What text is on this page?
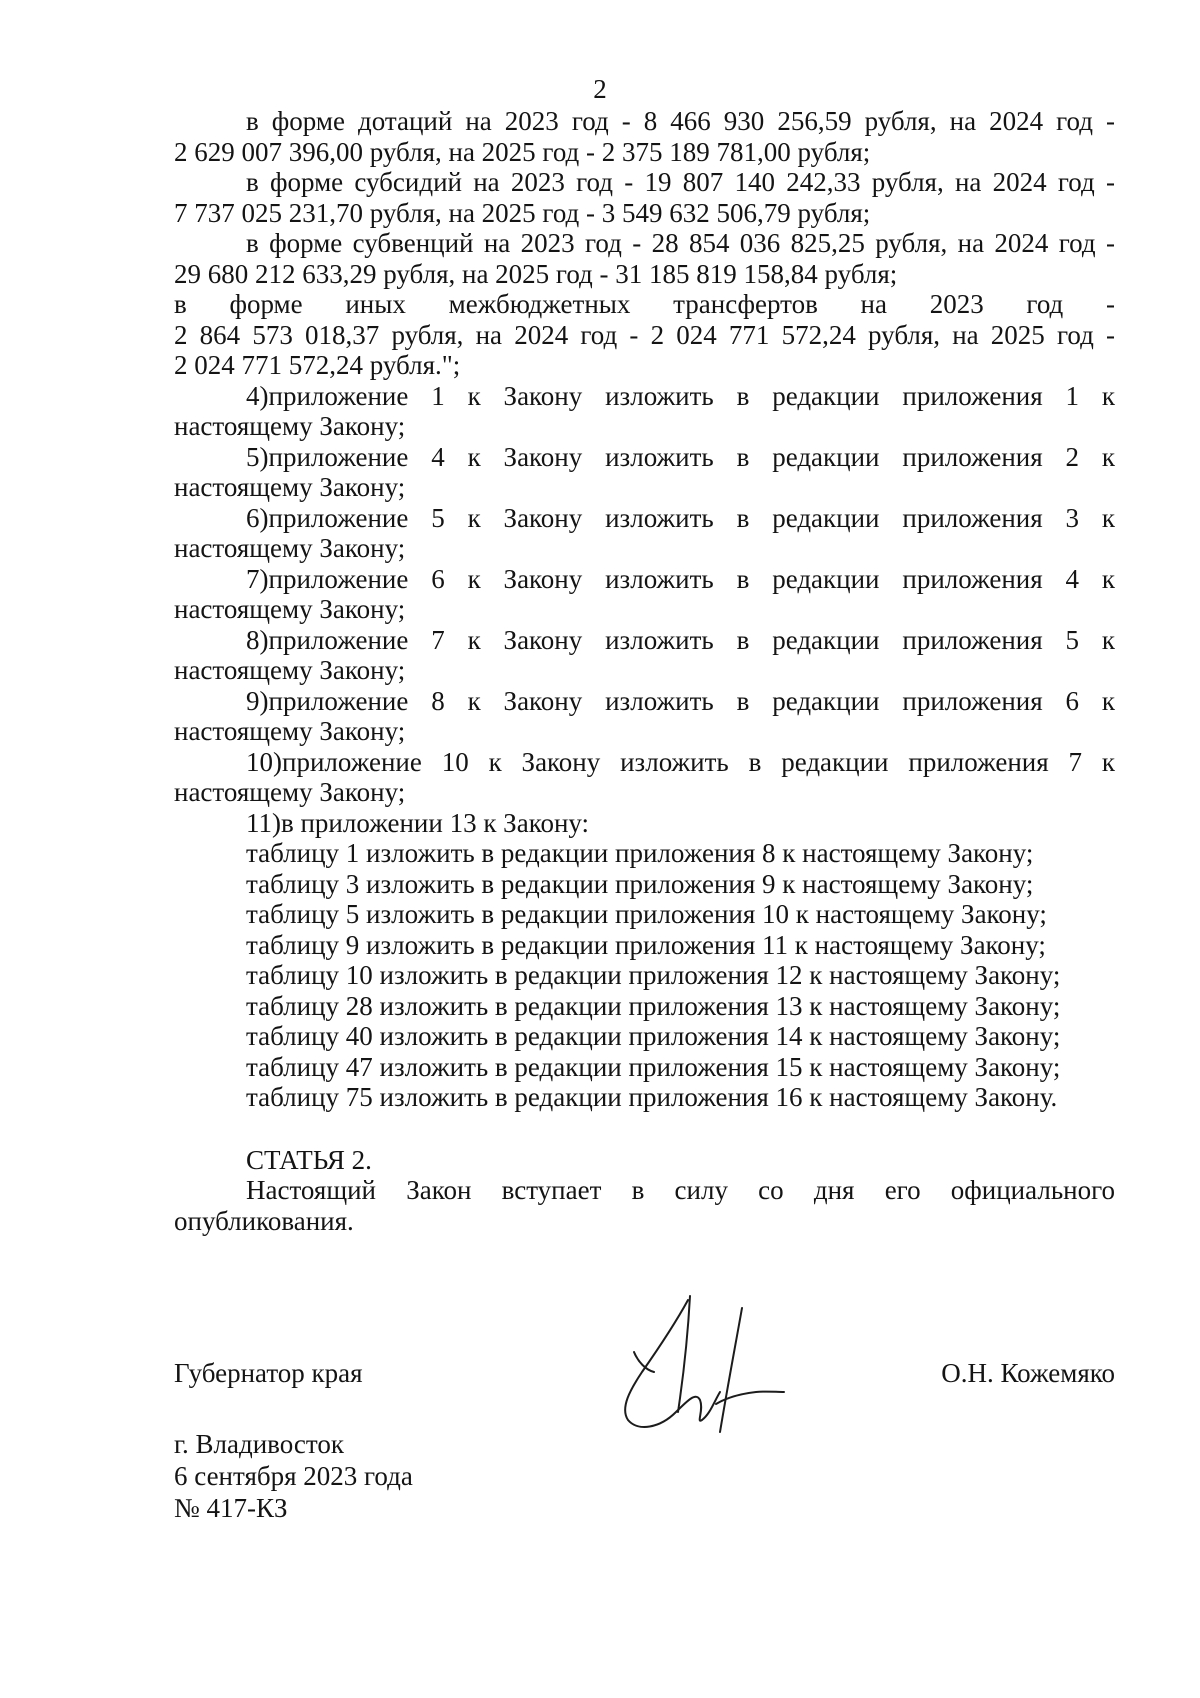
2

в форме дотаций на 2023 год - 8 466 930 256,59 рубля, на 2024 год -

2 629 007 396,00 рубля, на 2025 год - 2 375 189 781,00 рубля;

в форме субсидий на 2023 год - 19 807 140 242,33 рубля, на 2024 год -

7 737 025 231,70 рубля, на 2025 год - 3 549 632 506,79 рубля;

в форме субвенций на 2023 год - 28 854 036 825,25 рубля, на 2024 год -

29 680 212 633,29 рубля, на 2025 год - 31 185 819 158,84 рубля;

в форме иных межбюджетных трансфертов на 2023 год -

2 864 573 018,37 рубля, на 2024 год - 2 024 771 572,24 рубля, на 2025 год -

2 024 771 572,24 рубля.";

4)приложение 1 к Закону изложить в редакции приложения 1 к

настоящему Закону;

5)приложение 4 к Закону изложить в редакции приложения 2 к

настоящему Закону;

6)приложение 5 к Закону изложить в редакции приложения 3 к

настоящему Закону;

7)приложение 6 к Закону изложить в редакции приложения 4 к

настоящему Закону;

8)приложение 7 к Закону изложить в редакции приложения 5 к

настоящему Закону;

9)приложение 8 к Закону изложить в редакции приложения 6 к

настоящему Закону;

10)приложение 10 к Закону изложить в редакции приложения 7 к

настоящему Закону;

11)в приложении 13 к Закону:

таблицу 1 изложить в редакции приложения 8 к настоящему Закону;

таблицу 3 изложить в редакции приложения 9 к настоящему Закону;

таблицу 5 изложить в редакции приложения 10 к настоящему Закону;

таблицу 9 изложить в редакции приложения 11 к настоящему Закону;

таблицу 10 изложить в редакции приложения 12 к настоящему Закону;

таблицу 28 изложить в редакции приложения 13 к настоящему Закону;

таблицу 40 изложить в редакции приложения 14 к настоящему Закону;

таблицу 47 изложить в редакции приложения 15 к настоящему Закону;

таблицу 75 изложить в редакции приложения 16 к настоящему Закону.

СТАТЬЯ 2.

Настоящий Закон вступает в силу со дня его официального

опубликования.

Губернатор края	О.Н. Кожемяко
г. Владивосток
6 сентября 2023 года
№ 417-КЗ
